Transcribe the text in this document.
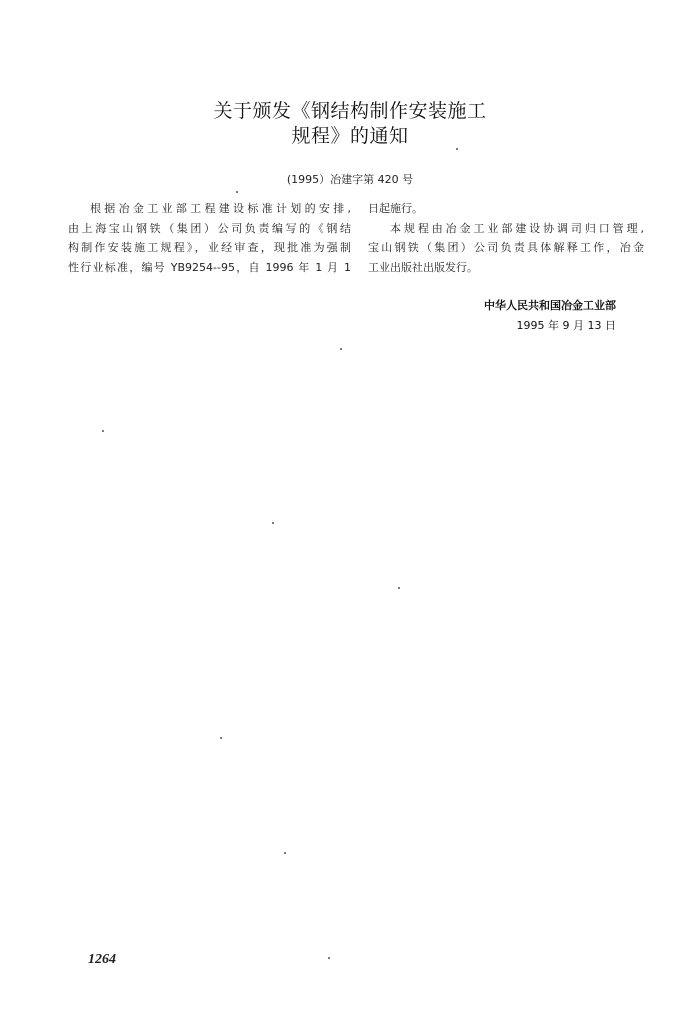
关于颁发《钢结构制作安装施工
规程》的通知
(1995）冶建字第 420 号
根据冶金工业部工程建设标准计划的安排,
由上海宝山钢铁（集团）公司负责编写的《钢结
构制作安装施工规程》，业经审查，现批准为强制
性行业标准，编号 YB9254--95，自 1996 年 1 月 1
日起施行。
本规程由冶金工业部建设协调司归口管理,
宝山钢铁（集团）公司负责具体解释工作，冶金
工业出版社出版发行。
中华人民共和国冶金工业部
1995 年 9 月 13 日
1264
